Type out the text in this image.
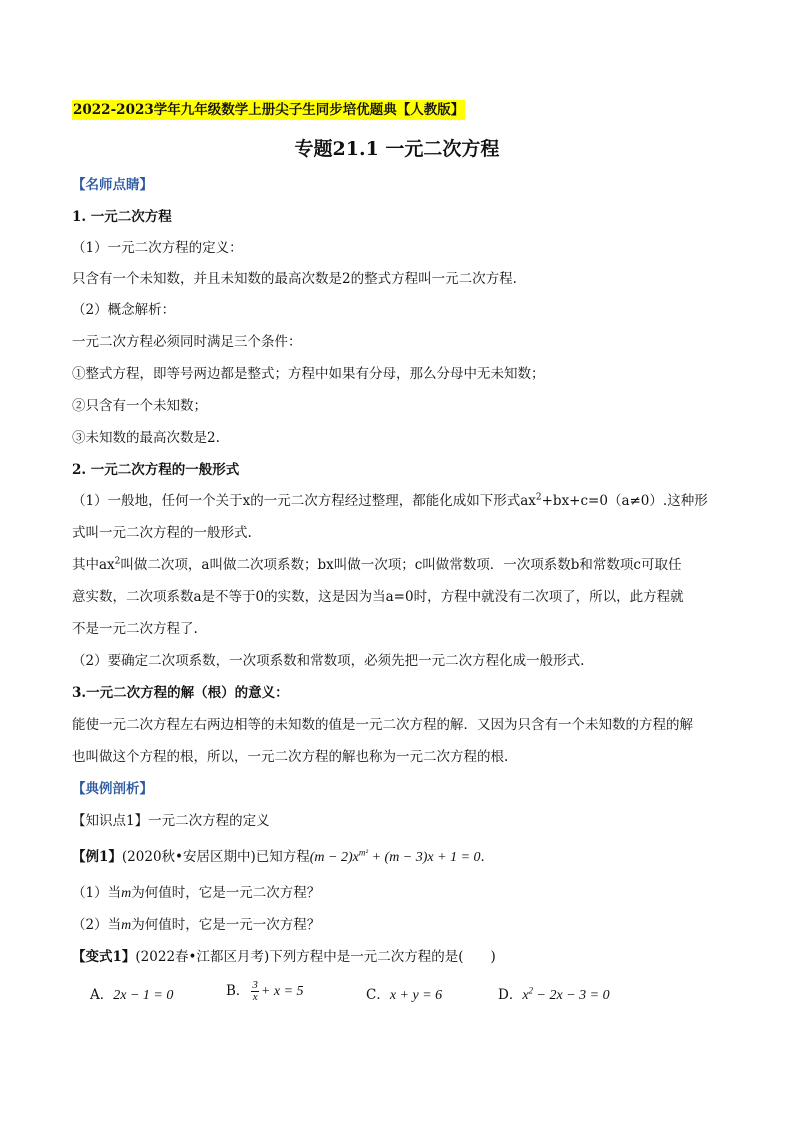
2022-2023学年九年级数学上册尖子生同步培优题典【人教版】
专题21.1 一元二次方程
【名师点睛】
1. 一元二次方程
（1）一元二次方程的定义：
只含有一个未知数，并且未知数的最高次数是2的整式方程叫一元二次方程.
（2）概念解析：
一元二次方程必须同时满足三个条件：
①整式方程，即等号两边都是整式；方程中如果有分母，那么分母中无未知数；
②只含有一个未知数；
③未知数的最高次数是2.
2. 一元二次方程的一般形式
（1）一般地，任何一个关于x的一元二次方程经过整理，都能化成如下形式$ax^2+bx+c=0(a\ne 0)$.这种形
式叫一元二次方程的一般形式.
其中$ax^2$叫做二次项，a叫做二次项系数；bx叫做一次项；c叫做常数项．一次项系数b和常数项c可取任
意实数，二次项系数a是不等于0的实数，这是因为当a=0时，方程中就没有二次项了，所以，此方程就
不是一元二次方程了.
（2）要确定二次项系数，一次项系数和常数项，必须先把一元二次方程化成一般形式.
3.一元二次方程的解（根）的意义：
能使一元二次方程左右两边相等的未知数的值是一元二次方程的解．又因为只含有一个未知数的方程的解
也叫做这个方程的根，所以，一元二次方程的解也称为一元二次方程的根.
【典例剖析】
【知识点1】一元二次方程的定义
【例1】(2020秋•安居区期中)已知方程$(m - 2)x^{m^2} + (m - 3)x + 1 = 0$．
（1）当m为何值时，它是一元二次方程？
（2）当m为何值时，它是一元一次方程？
【变式1】(2022春•江都区月考)下列方程中是一元二次方程的是(　　)
A．2x − 1 = 0	B． $\frac{3}{x} + x = 5$	C．x + y = 6	D．$x^2 - 2x - 3 = 0$
